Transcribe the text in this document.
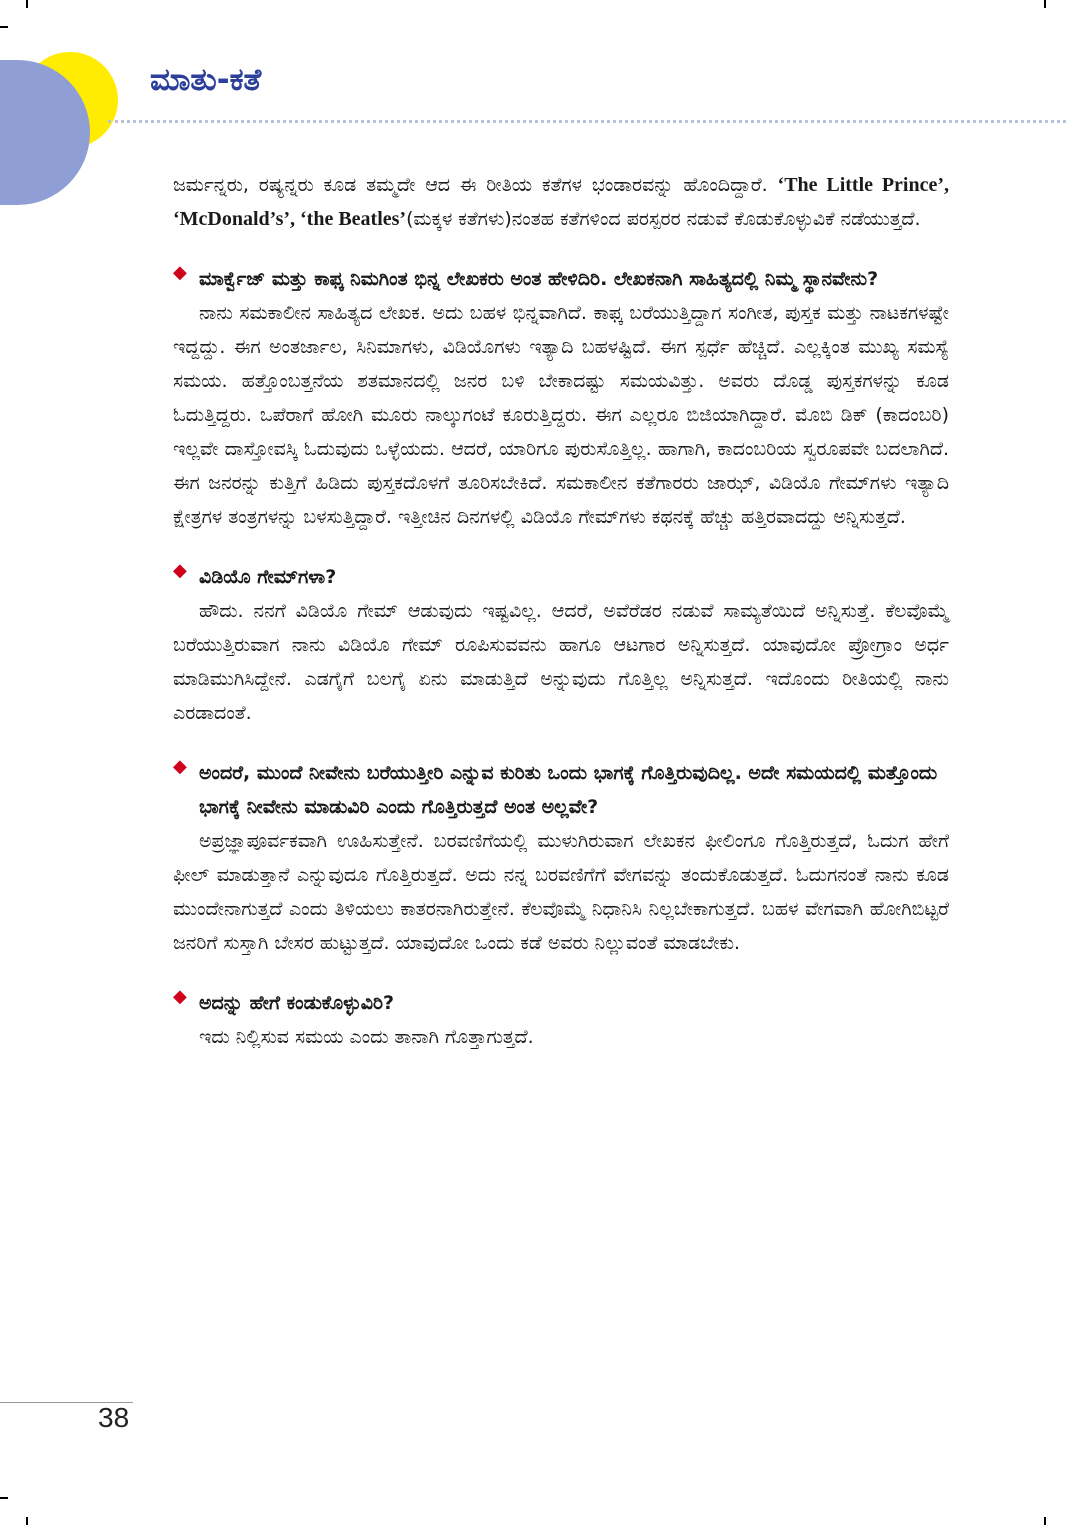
ಮಾತು-ಕತೆ

ಜರ್ಮನ್ನರು, ರಷ್ಯನ್ನರು ಕೂಡ ತಮ್ಮದೇ ಆದ ಈ ರೀತಿಯ ಕತೆಗಳ ಭಂಡಾರವನ್ನು ಹೊಂದಿದ್ದಾರೆ. ‘The Little Prince’, ‘McDonald’s’, ‘the Beatles’(ಮಕ್ಕಳ ಕತೆಗಳು)ನಂತಹ ಕತೆಗಳಿಂದ ಪರಸ್ಪರರ ನಡುವೆ ಕೊಡುಕೊಳ್ಳುವಿಕೆ ನಡೆಯುತ್ತದೆ.

◆ ಮಾರ್ಕ್ವೆಜ್ ಮತ್ತು ಕಾಫ್ಕ ನಿಮಗಿಂತ ಭಿನ್ನ ಲೇಖಕರು ಅಂತ ಹೇಳಿದಿರಿ. ಲೇಖಕನಾಗಿ ಸಾಹಿತ್ಯದಲ್ಲಿ ನಿಮ್ಮ ಸ್ಥಾನವೇನು?

ನಾನು ಸಮಕಾಲೀನ ಸಾಹಿತ್ಯದ ಲೇಖಕ. ಅದು ಬಹಳ ಭಿನ್ನವಾಗಿದೆ. ಕಾಫ್ಕ ಬರೆಯುತ್ತಿದ್ದಾಗ ಸಂಗೀತ, ಪುಸ್ತಕ ಮತ್ತು ನಾಟಕಗಳಷ್ಟೇ ಇದ್ದದ್ದು. ಈಗ ಅಂತರ್ಜಾಲ, ಸಿನಿಮಾಗಳು, ವಿಡಿಯೊಗಳು ಇತ್ಯಾದಿ ಬಹಳಷ್ಟಿದೆ. ಈಗ ಸ್ಪರ್ಧೆ ಹೆಚ್ಚಿದೆ. ಎಲ್ಲಕ್ಕಿಂತ ಮುಖ್ಯ ಸಮಸ್ಯೆ ಸಮಯ. ಹತ್ತೊಂಬತ್ತನೆಯ ಶತಮಾನದಲ್ಲಿ ಜನರ ಬಳಿ ಬೇಕಾದಷ್ಟು ಸಮಯವಿತ್ತು. ಅವರು ದೊಡ್ಡ ಪುಸ್ತಕಗಳನ್ನು ಕೂಡ ಓದುತ್ತಿದ್ದರು. ಒಪೆರಾಗೆ ಹೋಗಿ ಮೂರು ನಾಲ್ಕುಗಂಟೆ ಕೂರುತ್ತಿದ್ದರು. ಈಗ ಎಲ್ಲರೂ ಬಿಜಿಯಾಗಿದ್ದಾರೆ. ಮೊಬಿ ಡಿಕ್ (ಕಾದಂಬರಿ) ಇಲ್ಲವೇ ದಾಸ್ತೋವಸ್ಕಿ ಓದುವುದು ಒಳ್ಳೆಯದು. ಆದರೆ, ಯಾರಿಗೂ ಪುರುಸೊತ್ತಿಲ್ಲ. ಹಾಗಾಗಿ, ಕಾದಂಬರಿಯ ಸ್ವರೂಪವೇ ಬದಲಾಗಿದೆ. ಈಗ ಜನರನ್ನು ಕುತ್ತಿಗೆ ಹಿಡಿದು ಪುಸ್ತಕದೊಳಗೆ ತೂರಿಸಬೇಕಿದೆ. ಸಮಕಾಲೀನ ಕತೆಗಾರರು ಜಾಝ್, ವಿಡಿಯೊ ಗೇಮ್‌ಗಳು ಇತ್ಯಾದಿ ಕ್ಷೇತ್ರಗಳ ತಂತ್ರಗಳನ್ನು ಬಳಸುತ್ತಿದ್ದಾರೆ. ಇತ್ತೀಚಿನ ದಿನಗಳಲ್ಲಿ ವಿಡಿಯೊ ಗೇಮ್‌ಗಳು ಕಥನಕ್ಕೆ ಹೆಚ್ಚು ಹತ್ತಿರವಾದದ್ದು ಅನ್ನಿಸುತ್ತದೆ.

◆ ವಿಡಿಯೊ ಗೇಮ್‌ಗಳಾ?

ಹೌದು. ನನಗೆ ವಿಡಿಯೊ ಗೇಮ್ ಆಡುವುದು ಇಷ್ಟವಿಲ್ಲ. ಆದರೆ, ಅವೆರೆಡರ ನಡುವೆ ಸಾಮ್ಯತೆಯಿದೆ ಅನ್ನಿಸುತ್ತೆ. ಕೆಲವೊಮ್ಮೆ ಬರೆಯುತ್ತಿರುವಾಗ ನಾನು ವಿಡಿಯೊ ಗೇಮ್ ರೂಪಿಸುವವನು ಹಾಗೂ ಆಟಗಾರ ಅನ್ನಿಸುತ್ತದೆ. ಯಾವುದೋ ಪ್ರೋಗ್ರಾಂ ಅರ್ಧ ಮಾಡಿಮುಗಿಸಿದ್ದೇನೆ. ಎಡಗೈಗೆ ಬಲಗೈ ಏನು ಮಾಡುತ್ತಿದೆ ಅನ್ನುವುದು ಗೊತ್ತಿಲ್ಲ ಅನ್ನಿಸುತ್ತದೆ. ಇದೊಂದು ರೀತಿಯಲ್ಲಿ ನಾನು ಎರಡಾದಂತೆ.

◆ ಅಂದರೆ, ಮುಂದೆ ನೀವೇನು ಬರೆಯುತ್ತೀರಿ ಎನ್ನುವ ಕುರಿತು ಒಂದು ಭಾಗಕ್ಕೆ ಗೊತ್ತಿರುವುದಿಲ್ಲ. ಅದೇ ಸಮಯದಲ್ಲಿ ಮತ್ತೊಂದು ಭಾಗಕ್ಕೆ ನೀವೇನು ಮಾಡುವಿರಿ ಎಂದು ಗೊತ್ತಿರುತ್ತದೆ ಅಂತ ಅಲ್ಲವೇ?

ಅಪ್ರಜ್ಞಾಪೂರ್ವಕವಾಗಿ ಊಹಿಸುತ್ತೇನೆ. ಬರವಣಿಗೆಯಲ್ಲಿ ಮುಳುಗಿರುವಾಗ ಲೇಖಕನ ಫೀಲಿಂಗೂ ಗೊತ್ತಿರುತ್ತದೆ, ಓದುಗ ಹೇಗೆ ಫೀಲ್ ಮಾಡುತ್ತಾನೆ ಎನ್ನುವುದೂ ಗೊತ್ತಿರುತ್ತದೆ. ಅದು ನನ್ನ ಬರವಣಿಗೆಗೆ ವೇಗವನ್ನು ತಂದುಕೊಡುತ್ತದೆ. ಓದುಗನಂತೆ ನಾನು ಕೂಡ ಮುಂದೇನಾಗುತ್ತದೆ ಎಂದು ತಿಳಿಯಲು ಕಾತರನಾಗಿರುತ್ತೇನೆ. ಕೆಲವೊಮ್ಮೆ ನಿಧಾನಿಸಿ ನಿಲ್ಲಬೇಕಾಗುತ್ತದೆ. ಬಹಳ ವೇಗವಾಗಿ ಹೋಗಿಬಿಟ್ಟರೆ ಜನರಿಗೆ ಸುಸ್ತಾಗಿ ಬೇಸರ ಹುಟ್ಟುತ್ತದೆ. ಯಾವುದೋ ಒಂದು ಕಡೆ ಅವರು ನಿಲ್ಲುವಂತೆ ಮಾಡಬೇಕು.

◆ ಅದನ್ನು ಹೇಗೆ ಕಂಡುಕೊಳ್ಳುವಿರಿ?

ಇದು ನಿಲ್ಲಿಸುವ ಸಮಯ ಎಂದು ತಾನಾಗಿ ಗೊತ್ತಾಗುತ್ತದೆ.

38
